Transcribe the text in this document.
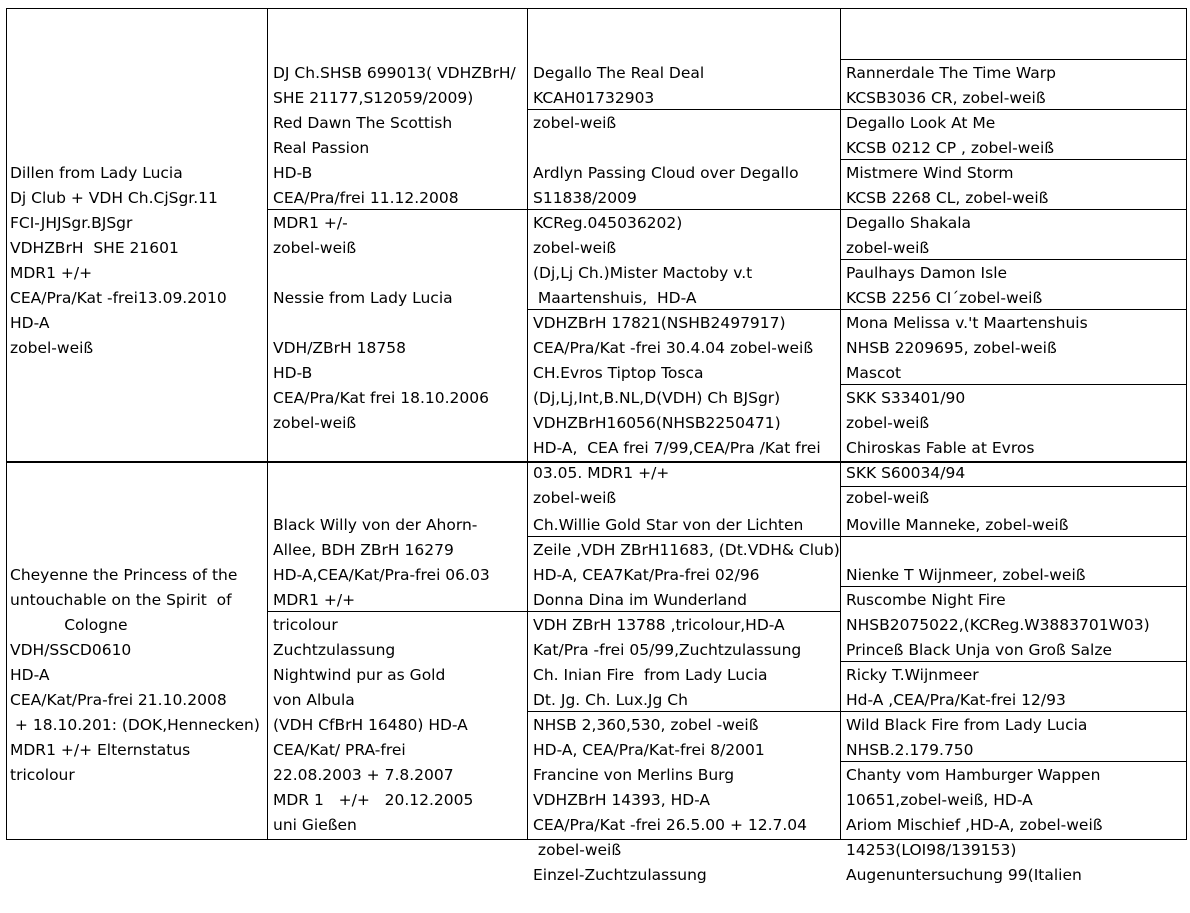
Dillen from Lady Lucia
Dj Club + VDH Ch.CjSgr.11
FCI-JHJSgr.BJSgr
VDHZBrH  SHE 21601
MDR1 +/+
CEA/Pra/Kat -frei13.09.2010
HD-A
zobel-weiß

Cheyenne the Princess of the
untouchable on the Spirit  of
Cologne
VDH/SSCD0610
HD-A
CEA/Kat/Pra-frei 21.10.2008
+ 18.10.201: (DOK,Hennecken)
MDR1 +/+ Elternstatus
tricolour

DJ Ch.SHSB 699013( VDHZBrH/
SHE 21177,S12059/2009)
Red Dawn The Scottish
Real Passion
HD-B
CEA/Pra/frei 11.12.2008
MDR1 +/-
zobel-weiß

Nessie from Lady Lucia
VDH/ZBrH 18758
HD-B
CEA/Pra/Kat frei 18.10.2006
zobel-weiß

Black Willy von der Ahorn-
Allee, BDH ZBrH 16279
HD-A,CEA/Kat/Pra-frei 06.03
MDR1 +/+
tricolour
Zuchtzulassung

Nightwind pur as Gold
von Albula
(VDH CfBrH 16480) HD-A
CEA/Kat/ PRA-frei
22.08.2003 + 7.8.2007
MDR 1   +/+   20.12.2005
uni Gießen

Degallo The Real Deal
KCAH01732903
zobel-weiß

Ardlyn Passing Cloud over Degallo
S11838/2009
KCReg.045036202)
zobel-weiß

(Dj,Lj Ch.)Mister Mactoby v.t
Maartenshuis,  HD-A
VDHZBrH 17821(NSHB2497917)
CEA/Pra/Kat -frei 30.4.04 zobel-weiß

CH.Evros Tiptop Tosca
(Dj,Lj,Int,B.NL,D(VDH) Ch BJSgr)
VDHZBrH16056(NHSB2250471)
HD-A,  CEA frei 7/99,CEA/Pra /Kat frei
03.05. MDR1 +/+
zobel-weiß

Ch.Willie Gold Star von der Lichten
Zeile ,VDH ZBrH11683, (Dt.VDH& Club)
HD-A, CEA7Kat/Pra-frei 02/96

Donna Dina im Wunderland
VDH ZBrH 13788 ,tricolour,HD-A
Kat/Pra -frei 05/99,Zuchtzulassung

Ch. Inian Fire  from Lady Lucia
Dt. Jg. Ch. Lux.Jg Ch
NHSB 2,360,530, zobel -weiß
HD-A, CEA/Pra/Kat-frei 8/2001

Francine von Merlins Burg
VDHZBrH 14393, HD-A
CEA/Pra/Kat -frei 26.5.00 + 12.7.04
zobel-weiß
Einzel-Zuchtzulassung

Rannerdale The Time Warp
KCSB3036 CR, zobel-weiß

Degallo Look At Me
KCSB 0212 CP , zobel-weiß

Mistmere Wind Storm
KCSB 2268 CL, zobel-weiß

Degallo Shakala
zobel-weiß

Paulhays Damon Isle
KCSB 2256 CI´zobel-weiß

Mona Melissa v.'t Maartenshuis
NHSB 2209695, zobel-weiß

Mascot
SKK S33401/90
zobel-weiß

Chiroskas Fable at Evros
SKK S60034/94
zobel-weiß

Moville Manneke, zobel-weiß

Nienke T Wijnmeer, zobel-weiß

Ruscombe Night Fire
NHSB2075022,(KCReg.W3883701W03)

Princeß Black Unja von Groß Salze

Ricky T.Wijnmeer
Hd-A ,CEA/Pra/Kat-frei 12/93

Wild Black Fire from Lady Lucia
NHSB.2.179.750

Chanty vom Hamburger Wappen
10651,zobel-weiß, HD-A

Ariom Mischief ,HD-A, zobel-weiß
14253(LOI98/139153)
Augenuntersuchung 99(Italien
